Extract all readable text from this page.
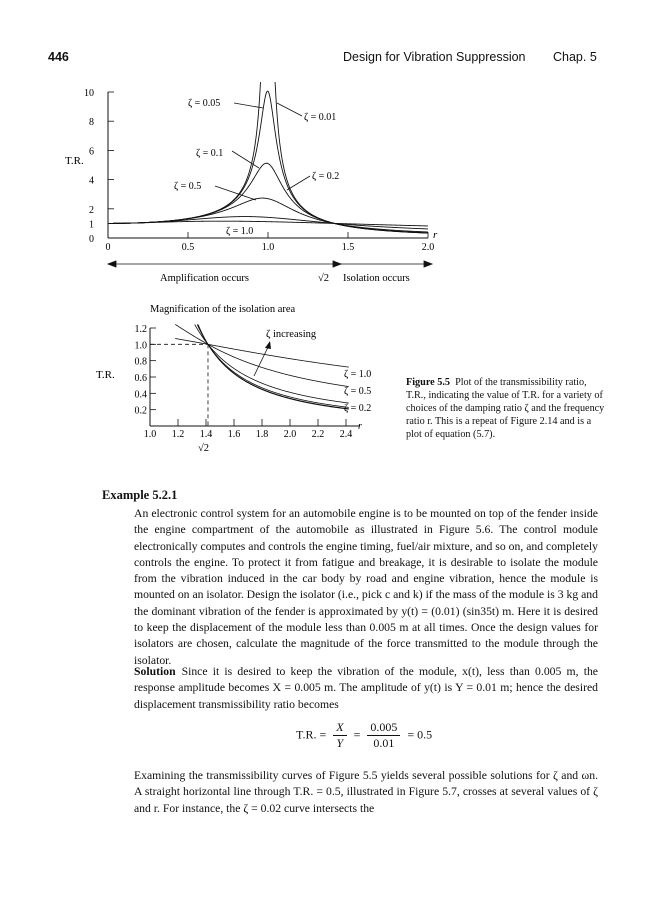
446	Design for Vibration Suppression Chap. 5
10
8
6
4
2
1
0
0	0.5	1.0	1.5	2.0
T.R.
r
ζ = 0.05
ζ = 0.01
ζ = 0.1
ζ = 0.2
ζ = 0.5
ζ = 1.0
Amplification occurs	√2 Isolation occurs
Magnification of the isolation area
1.2
1.0
0.8
0.6
0.4
0.2
1.0 1.2 1.4 1.6 1.8 2.0 2.2 2.4
T.R.
r
√2
ζ increasing
ζ = 1.0
ζ = 0.5
ζ = 0.2
Figure 5.5 Plot of the transmissibility ratio, T.R., indicating the value of T.R. for a variety of choices of the damping ratio ζ and the frequency ratio r. This is a repeat of Figure 2.14 and is a plot of equation (5.7).
Example 5.2.1
An electronic control system for an automobile engine is to be mounted on top of the fender inside the engine compartment of the automobile as illustrated in Figure 5.6. The control module electronically computes and controls the engine timing, fuel/air mixture, and so on, and completely controls the engine. To protect it from fatigue and breakage, it is desirable to isolate the module from the vibration induced in the car body by road and engine vibration, hence the module is mounted on an isolator. Design the isolator (i.e., pick c and k) if the mass of the module is 3 kg and the dominant vibration of the fender is approximated by y(t) = (0.01) (sin35t) m. Here it is desired to keep the displacement of the module less than 0.005 m at all times. Once the design values for isolators are chosen, calculate the magnitude of the force transmitted to the module through the isolator.
Solution Since it is desired to keep the vibration of the module, x(t), less than 0.005 m, the response amplitude becomes X = 0.005 m. The amplitude of y(t) is Y = 0.01 m; hence the desired displacement transmissibility ratio becomes
T.R. = $\frac{X}{Y} = \frac{0.005}{0.01} = 0.5$
Examining the transmissibility curves of Figure 5.5 yields several possible solutions for ζ and ωn. A straight horizontal line through T.R. = 0.5, illustrated in Figure 5.7, crosses at several values of ζ and r. For instance, the ζ = 0.02 curve intersects the
